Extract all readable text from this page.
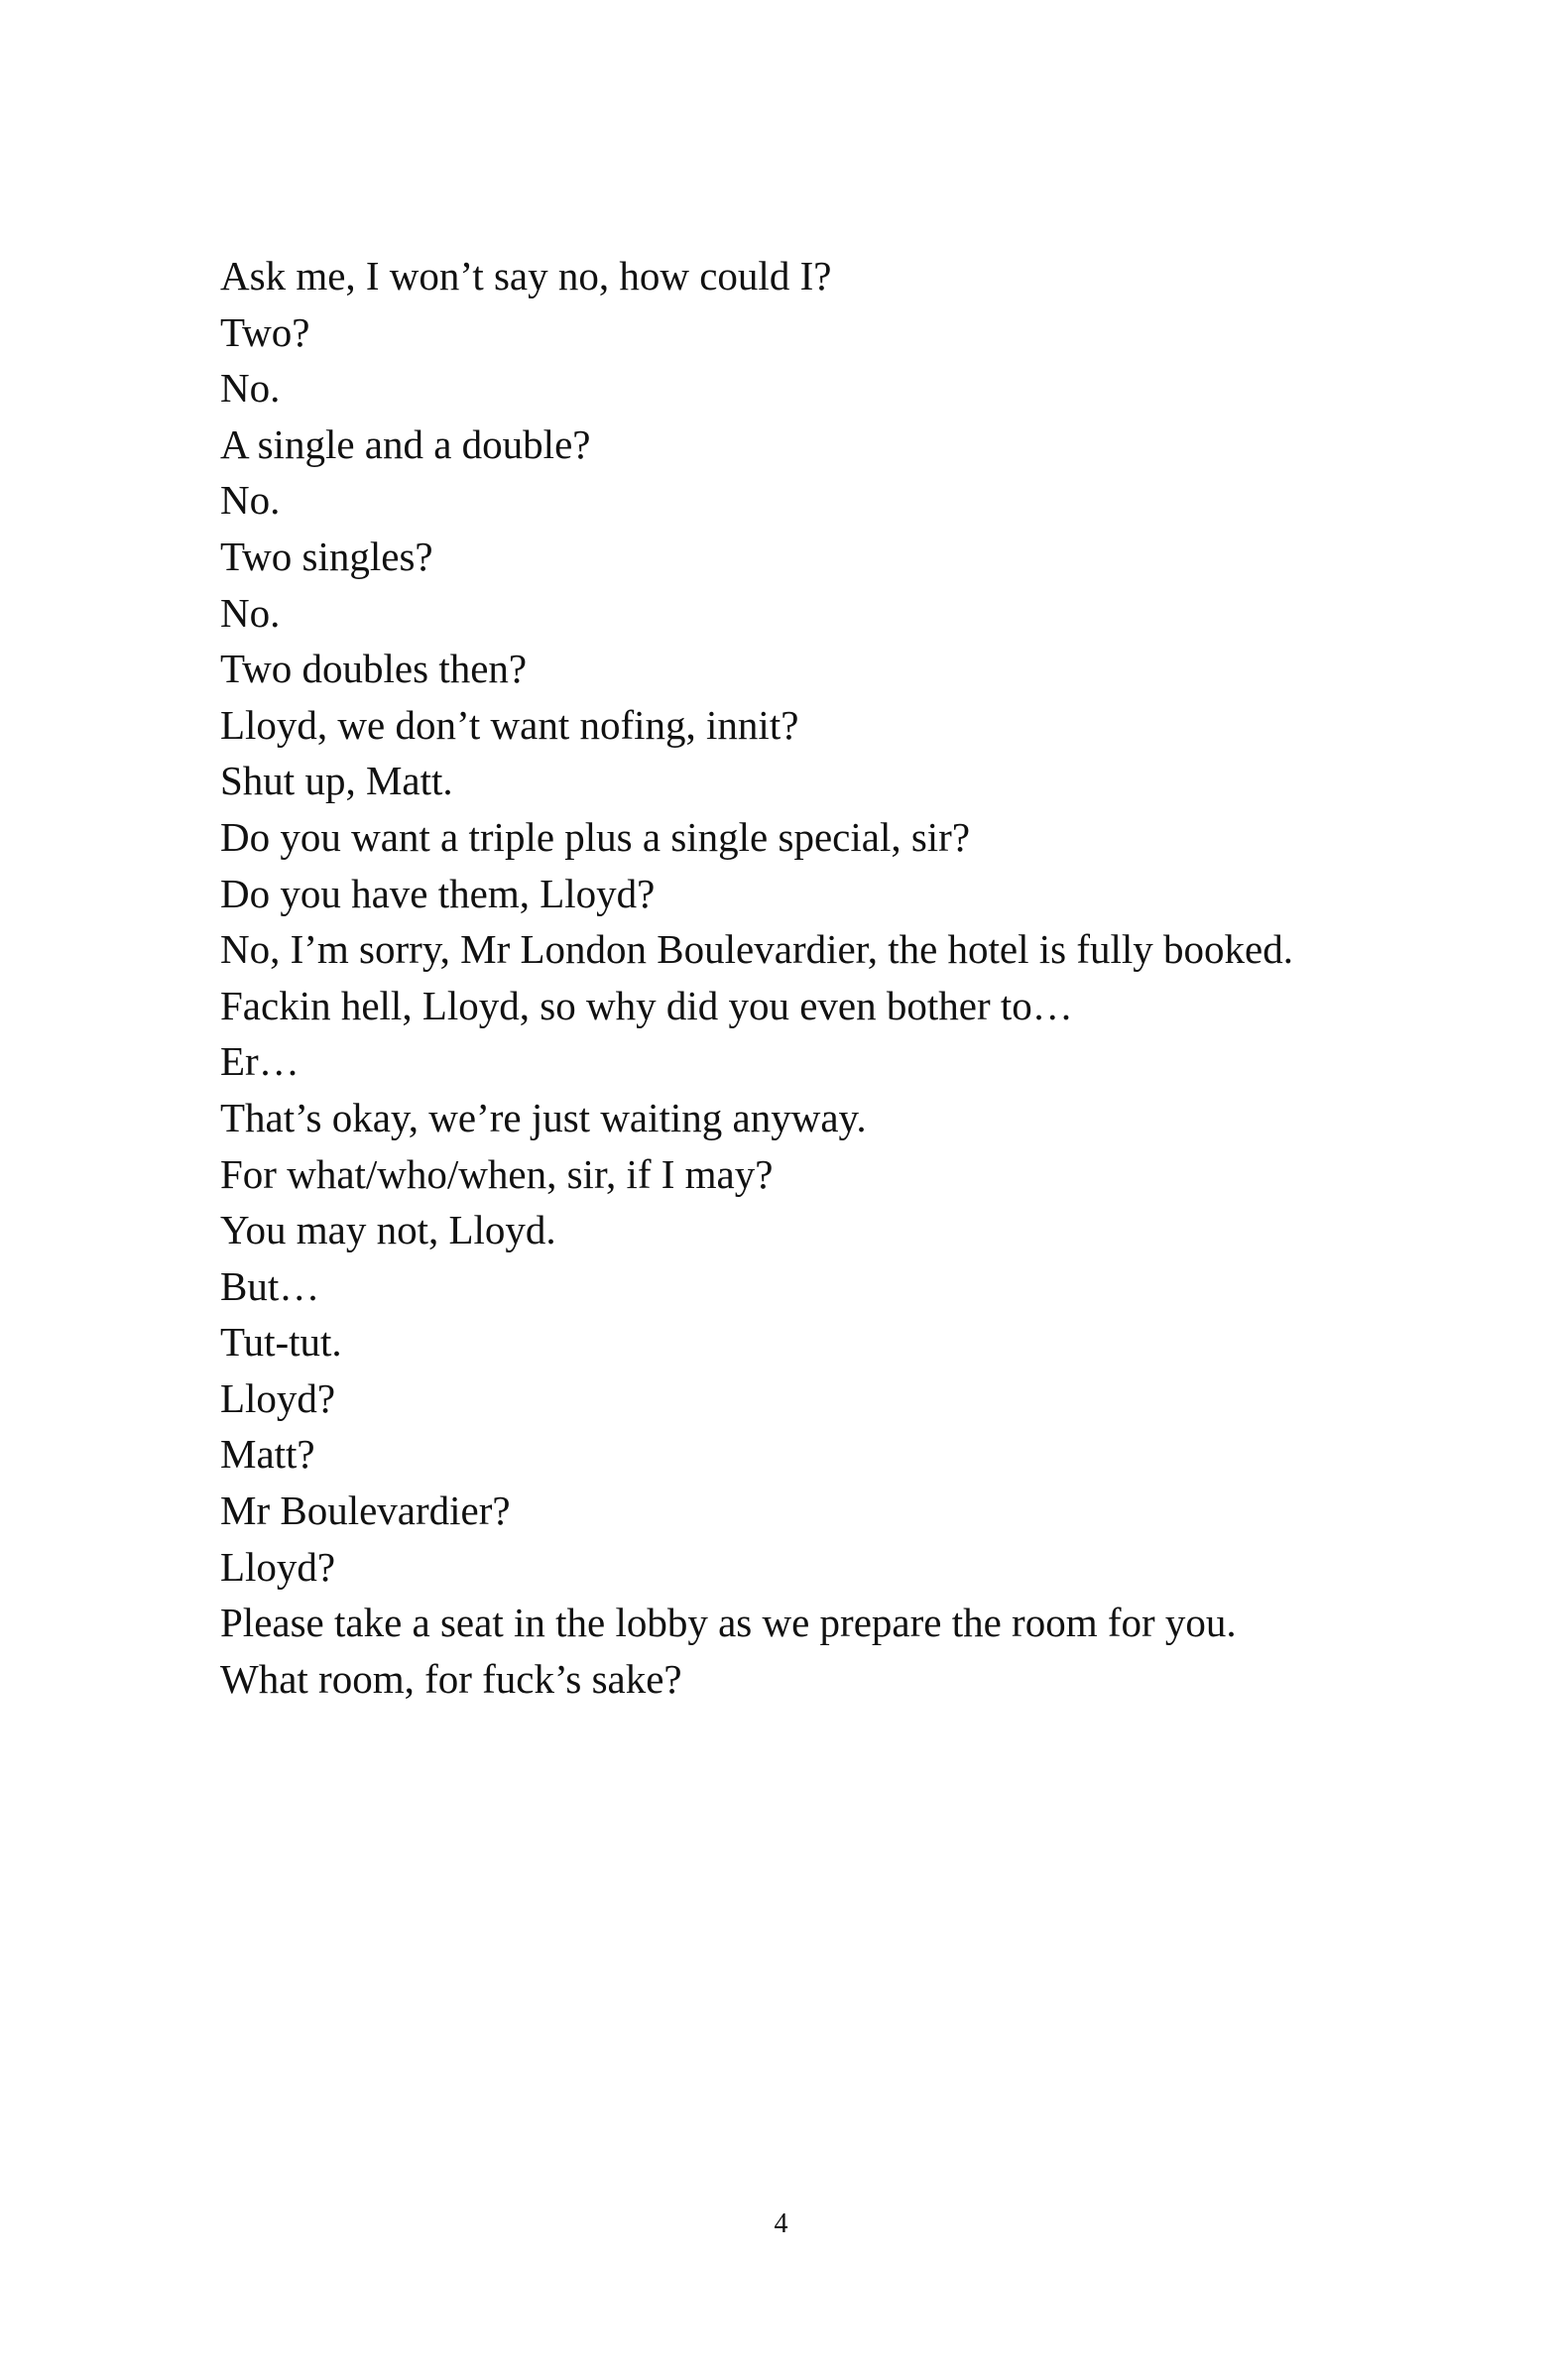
Ask me, I won’t say no, how could I?

Two?

No.

A single and a double?

No.

Two singles?

No.

Two doubles then?

Lloyd, we don’t want nofing, innit?

Shut up, Matt.

Do you want a triple plus a single special, sir?

Do you have them, Lloyd?

No, I’m sorry, Mr London Boulevardier, the hotel is fully booked.

Fackin hell, Lloyd, so why did you even bother to…

Er…

That’s okay, we’re just waiting anyway.

For what/who/when, sir, if I may?

You may not, Lloyd.

But…

Tut-tut.

Lloyd?

Matt?

Mr Boulevardier?

Lloyd?

Please take a seat in the lobby as we prepare the room for you.

What room, for fuck’s sake?

4
